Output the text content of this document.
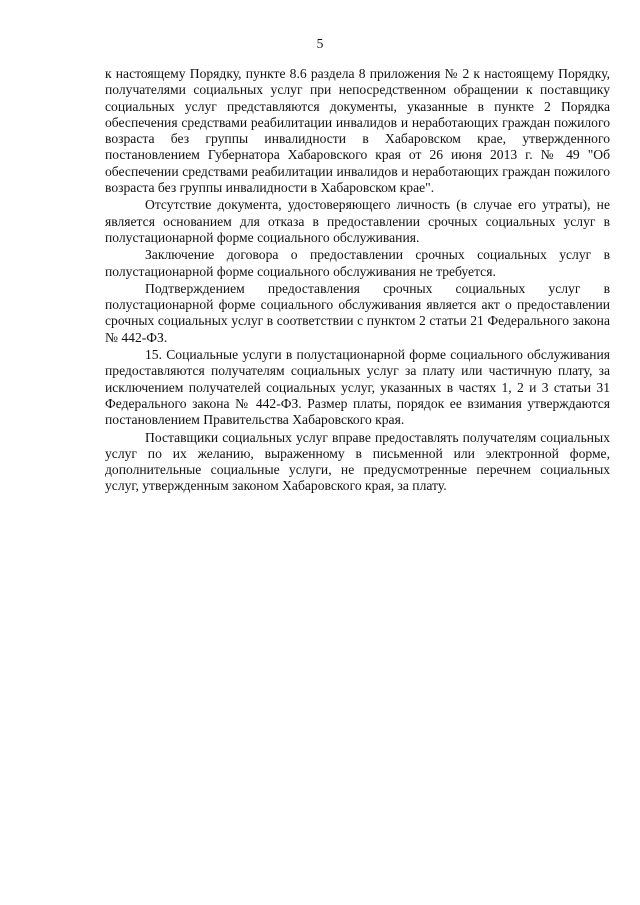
5

к настоящему Порядку, пункте 8.6 раздела 8 приложения № 2 к настоящему Порядку, получателями социальных услуг при непосредственном обращении к поставщику социальных услуг представляются документы, указанные в пункте 2 Порядка обеспечения средствами реабилитации инвалидов и неработающих граждан пожилого возраста без группы инвалидности в Хабаровском крае, утвержденного постановлением Губернатора Хабаровского края от 26 июня 2013 г. № 49 "Об обеспечении средствами реабилитации инвалидов и неработающих граждан пожилого возраста без группы инвалидности в Хабаровском крае".

Отсутствие документа, удостоверяющего личность (в случае его утраты), не является основанием для отказа в предоставлении срочных социальных услуг в полустационарной форме социального обслуживания.

Заключение договора о предоставлении срочных социальных услуг в полустационарной форме социального обслуживания не требуется.

Подтверждением предоставления срочных социальных услуг в полустационарной форме социального обслуживания является акт о предоставлении срочных социальных услуг в соответствии с пунктом 2 статьи 21 Федерального закона № 442-ФЗ.

15. Социальные услуги в полустационарной форме социального обслуживания предоставляются получателям социальных услуг за плату или частичную плату, за исключением получателей социальных услуг, указанных в частях 1, 2 и 3 статьи 31 Федерального закона № 442-ФЗ. Размер платы, порядок ее взимания утверждаются постановлением Правительства Хабаровского края.

Поставщики социальных услуг вправе предоставлять получателям социальных услуг по их желанию, выраженному в письменной или электронной форме, дополнительные социальные услуги, не предусмотренные перечнем социальных услуг, утвержденным законом Хабаровского края, за плату.
